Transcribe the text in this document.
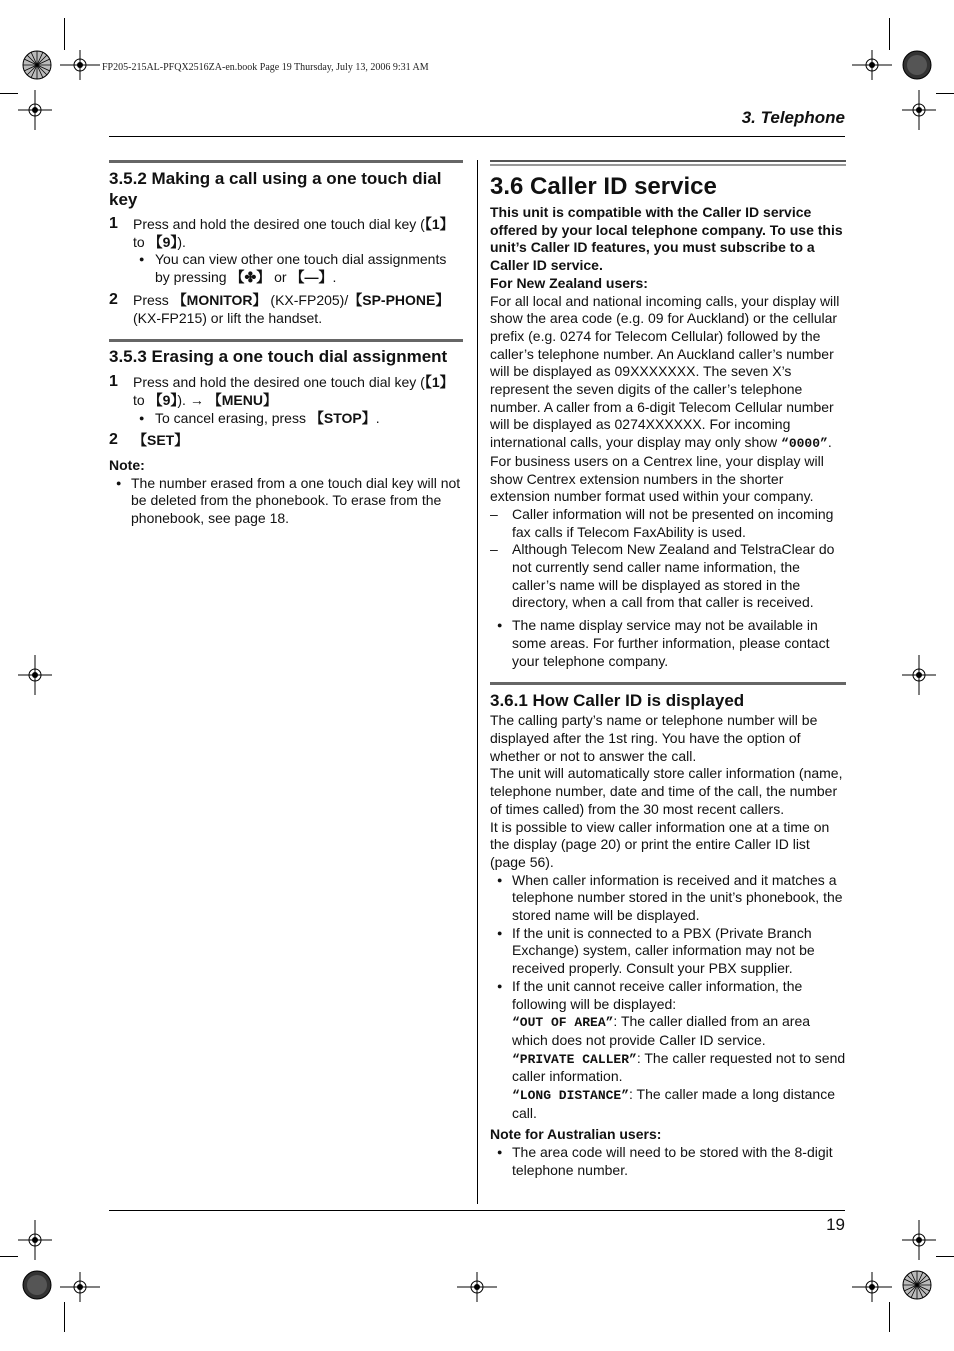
FP205-215AL-PFQX2516ZA-en.book Page 19 Thursday, July 13, 2006 9:31 AM
3. Telephone

3.5.2 Making a call using a one touch dial key

1 Press and hold the desired one touch dial key (【1】 to 【9】).
● You can view other one touch dial assignments by pressing 【✤】 or 【—】.
2 Press 【MONITOR】 (KX-FP205)/【SP-PHONE】 (KX-FP215) or lift the handset.

3.5.3 Erasing a one touch dial assignment

1 Press and hold the desired one touch dial key (【1】 to 【9】). → 【MENU】
● To cancel erasing, press 【STOP】.
2 【SET】

Note:

● The number erased from a one touch dial key will not be deleted from the phonebook. To erase from the phonebook, see page 18.

3.6 Caller ID service

This unit is compatible with the Caller ID service offered by your local telephone company. To use this unit’s Caller ID features, you must subscribe to a Caller ID service.

For New Zealand users:

For all local and national incoming calls, your display will show the area code (e.g. 09 for Auckland) or the cellular prefix (e.g. 0274 for Telecom Cellular) followed by the caller’s telephone number. An Auckland caller’s number will be displayed as 09XXXXXXX. The seven X’s represent the seven digits of the caller’s telephone number. A caller from a 6-digit Telecom Cellular number will be displayed as 0274XXXXXX. For incoming international calls, your display may only show “0000”. For business users on a Centrex line, your display will show Centrex extension numbers in the shorter extension number format used within your company.

– Caller information will not be presented on incoming fax calls if Telecom FaxAbility is used.
– Although Telecom New Zealand and TelstraClear do not currently send caller name information, the caller’s name will be displayed as stored in the directory, when a call from that caller is received.
● The name display service may not be available in some areas. For further information, please contact your telephone company.

3.6.1 How Caller ID is displayed

The calling party’s name or telephone number will be displayed after the 1st ring. You have the option of whether or not to answer the call.

The unit will automatically store caller information (name, telephone number, date and time of the call, the number of times called) from the 30 most recent callers.

It is possible to view caller information one at a time on the display (page 20) or print the entire Caller ID list (page 56).

● When caller information is received and it matches a telephone number stored in the unit’s phonebook, the stored name will be displayed.
● If the unit is connected to a PBX (Private Branch Exchange) system, caller information may not be received properly. Consult your PBX supplier.
● If the unit cannot receive caller information, the following will be displayed:
“OUT OF AREA”: The caller dialled from an area which does not provide Caller ID service.
“PRIVATE CALLER”: The caller requested not to send caller information.
“LONG DISTANCE”: The caller made a long distance call.

Note for Australian users:

● The area code will need to be stored with the 8-digit telephone number.
19
